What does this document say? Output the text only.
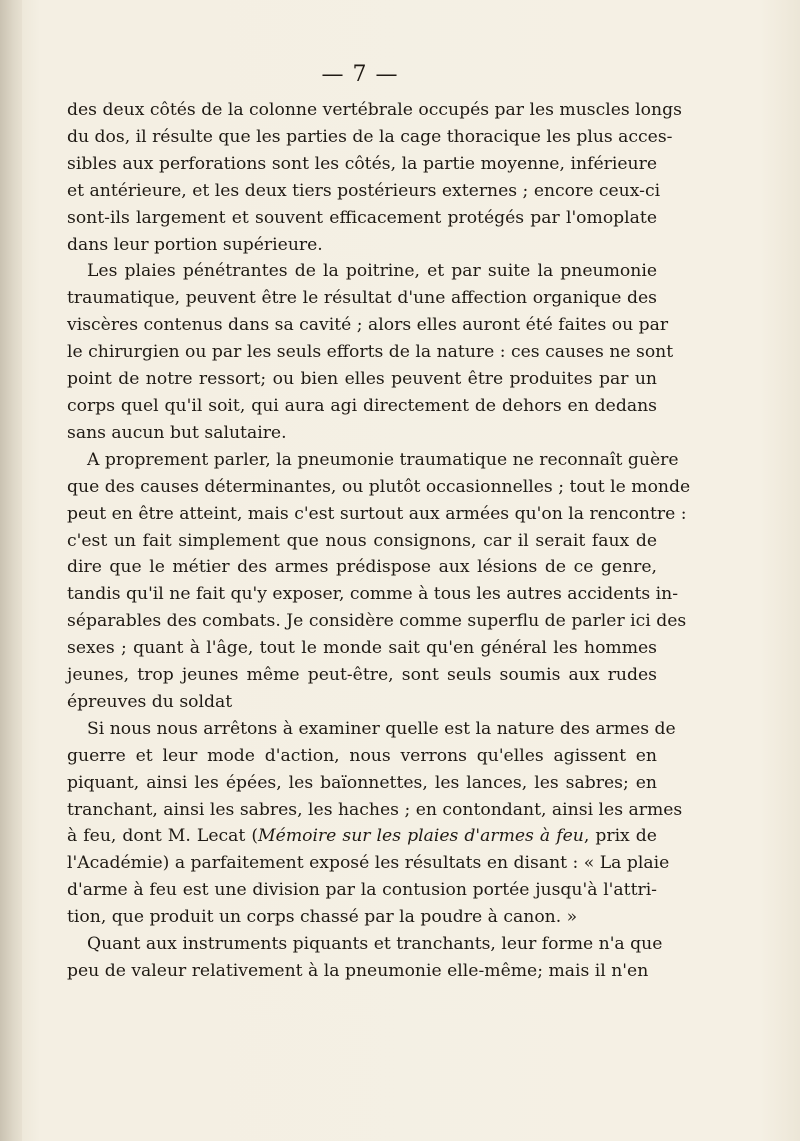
— 7 —
des deux côtés de la colonne vertébrale occupés par les muscles longs
du dos, il résulte que les parties de la cage thoracique les plus acces-
sibles aux perforations sont les côtés, la partie moyenne, inférieure
et antérieure, et les deux tiers postérieurs externes ; encore ceux-ci
sont-ils largement et souvent efficacement protégés par l'omoplate
dans leur portion supérieure.
Les plaies pénétrantes de la poitrine, et par suite la pneumonie
traumatique, peuvent être le résultat d'une affection organique des
viscères contenus dans sa cavité ; alors elles auront été faites ou par
le chirurgien ou par les seuls efforts de la nature : ces causes ne sont
point de notre ressort; ou bien elles peuvent être produites par un
corps quel qu'il soit, qui aura agi directement de dehors en dedans
sans aucun but salutaire.
A proprement parler, la pneumonie traumatique ne reconnaît guère
que des causes déterminantes, ou plutôt occasionnelles ; tout le monde
peut en être atteint, mais c'est surtout aux armées qu'on la rencontre :
c'est un fait simplement que nous consignons, car il serait faux de
dire que le métier des armes prédispose aux lésions de ce genre,
tandis qu'il ne fait qu'y exposer, comme à tous les autres accidents in-
séparables des combats. Je considère comme superflu de parler ici des
sexes ; quant à l'âge, tout le monde sait qu'en général les hommes
jeunes, trop jeunes même peut-être, sont seuls soumis aux rudes
épreuves du soldat
Si nous nous arrêtons à examiner quelle est la nature des armes de
guerre et leur mode d'action, nous verrons qu'elles agissent en
piquant, ainsi les épées, les baïonnettes, les lances, les sabres; en
tranchant, ainsi les sabres, les haches ; en contondant, ainsi les armes
à feu, dont M. Lecat (Mémoire sur les plaies d'armes à feu, prix de
l'Académie) a parfaitement exposé les résultats en disant : « La plaie
d'arme à feu est une division par la contusion portée jusqu'à l'attri-
tion, que produit un corps chassé par la poudre à canon. »
Quant aux instruments piquants et tranchants, leur forme n'a que
peu de valeur relativement à la pneumonie elle-même; mais il n'en
